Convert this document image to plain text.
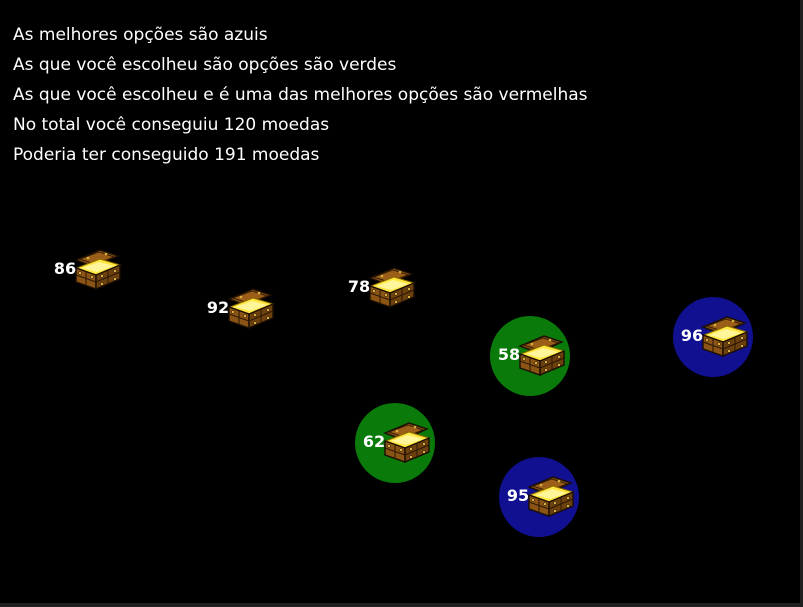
As melhores opções são azuis
As que você escolheu são opções são verdes
As que você escolheu e é uma das melhores opções são vermelhas
No total você conseguiu 120 moedas
Poderia ter conseguido 191 moedas
86
92
78
58
96
62
95
